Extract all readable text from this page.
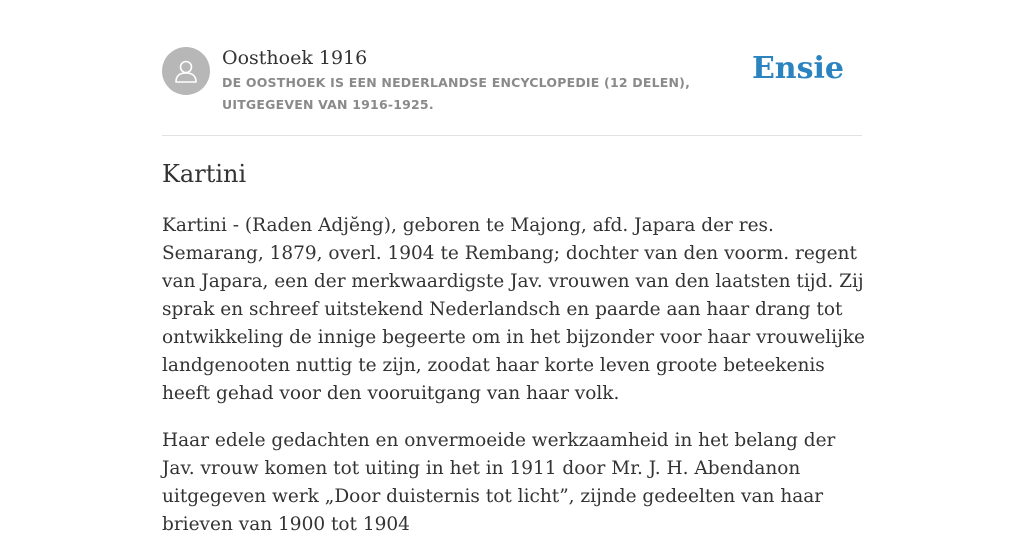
Oosthoek 1916
DE OOSTHOEK IS EEN NEDERLANDSE ENCYCLOPEDIE (12 DELEN), UITGEGEVEN VAN 1916-1925.
Ensie
Kartini

Kartini - (Raden Adjĕng), geboren te Majong, afd. Japara der res. Semarang, 1879, overl. 1904 te Rembang; dochter van den voorm. regent van Japara, een der merkwaardigste Jav. vrouwen van den laatsten tijd. Zij sprak en schreef uitstekend Nederlandsch en paarde aan haar drang tot ontwikkeling de innige begeerte om in het bijzonder voor haar vrouwelijke landgenooten nuttig te zijn, zoodat haar korte leven groote beteekenis heeft gehad voor den vooruitgang van haar volk.

Haar edele gedachten en onvermoeide werkzaamheid in het belang der Jav. vrouw komen tot uiting in het in 1911 door Mr. J. H. Abendanon uitgegeven werk „Door duisternis tot licht”, zijnde gedeelten van haar brieven van 1900 tot 1904
